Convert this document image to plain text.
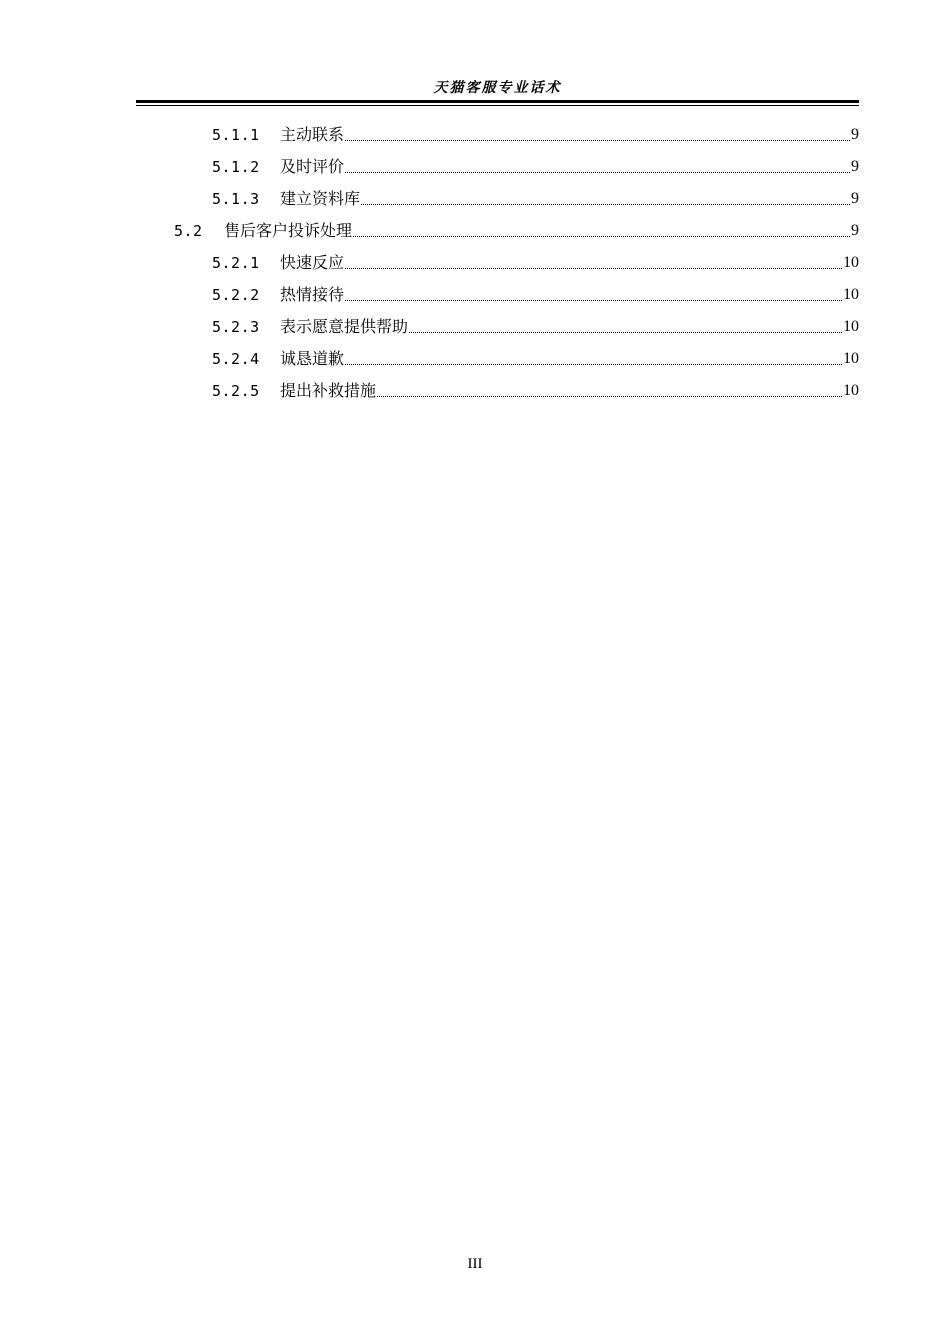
天猫客服专业话术
5.1.1	主动联系	9
5.1.2	及时评价	9
5.1.3	建立资料库	9
5.2	售后客户投诉处理	9
5.2.1	快速反应	10
5.2.2	热情接待	10
5.2.3	表示愿意提供帮助	10
5.2.4	诚恳道歉	10
5.2.5	提出补救措施	10
III
